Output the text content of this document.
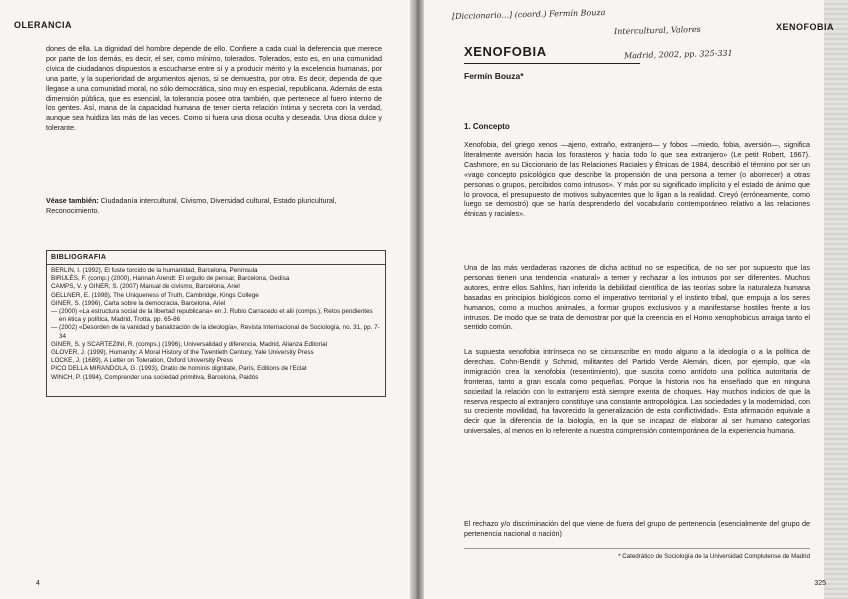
OLERANCIA
dones de ella. La dignidad del hombre depende de ello. Confiere a cada cual la deferencia que merece por parte de los demás, es decir, el ser, como mínimo, tolerados. Tolerados, esto es, en una comunidad cívica de ciudadanos dispuestos a escucharse entre sí y a producir mérito y la excelencia humanas, por una parte, y la superioridad de argumentos ajenos, si se demuestra, por otra. Es decir, dependa de que llegase a una comunidad moral, no sólo democrática, sino muy en especial, republicana. Además de esta dimensión pública, que es esencial, la tolerancia posee otra también, que pertenece al fuero interno de los gentes. Así, mana de la capacidad humana de tener cierta relación íntima y secreta con la verdad, aunque sea huidiza las más de las veces. Como si fuera una diosa oculta y deseada. Una diosa dulce y tolerante.
Véase también: Ciudadanía intercultural, Civismo, Diversidad cultural, Estado pluricultural, Reconocimiento.
BIBLIOGRAFIA
BERLIN, I. (1992), El fuste torcido de la humanidad, Barcelona, Península
BIRULÉS, F. (comp.) (2000), Hannah Arendt: El orgullo de pensar, Barcelona, Gedisa
CAMPS, V. y GINER, S. (2007) Manual de civismo, Barcelona, Ariel
GELLNER, E. (1998), The Uniqueness of Truth, Cambridge, Kings College
GINER, S. (1996), Carta sobre la democracia, Barcelona, Ariel
— (2000) «La estructura social de la libertad republicana» en J. Rubio Carracedo et alii (comps.), Retos pendientes en ética y política, Madrid, Trotta, pp. 65-86
— (2002) «Desorden de la vanidad y banalización de la ideología», Revista Internacional de Sociología, no. 31, pp. 7-34
GINER, S. y SCARTEZINI, R. (comps.) (1996), Universalidad y diferencia, Madrid, Alianza Editorial
GLOVER, J. (1999), Humanity: A Moral History of the Twentieth Century, Yale University Press
LOCKE, J. (1689), A Letter on Toleration, Oxford University Press
PICO DELLA MIRANDOLA, G. (1993), Oratio de hominis dignitate, París, Editions de l'Eclat
WINCH, P. (1994), Comprender una sociedad primitiva, Barcelona, Paidós
4
[Diccionario...] (coord.) Fermín Bouza
Intercultural, Valores
Madrid, 2002, pp. 325-331
XENOFOBIA
XENOFOBIA
Fermín Bouza*
1. Concepto
Xenofobia, del griego xenos —ajeno, extraño, extranjero— y fobos —miedo, fobia, aversión—, significa literalmente aversión hacia los forasteros y hacia todo lo que sea extranjero» (Le petit Robert, 1967). Cashmore, en su Diccionario de las Relaciones Raciales y Étnicas de 1984, describió el término por ser un «vago concepto psicológico que describe la propensión de una persona a temer (o aborrecer) a otras personas o grupos, percibidos como intrusos». Y más por su significado implícito y el estado de ánimo que lo provoca, el presupuesto de motivos subyacentes que lo ligan a la realidad. Creyó (erróneamente, como luego se demostró) que se haría desprenderlo del vocabulario contemporáneo relativo a las relaciones étnicas y raciales».
Una de las más verdaderas razones de dicha actitud no se especifica, de no ser por supuesto que las personas tienen una tendencia «natural» a temer y rechazar a los intrusos por ser diferentes. Muchos autores, entre ellos Sahlins, han inferido la debilidad científica de las teorías sobre la naturaleza humana basadas en principios biológicos como el imperativo territorial y el instinto tribal, que empuja a los seres humanos, como a muchos animales, a formar grupos exclusivos y a manifestarse hostiles frente a los intrusos. De modo que se trata de demostrar por qué la creencia en el Homo xenophobicus arraiga tanto el sentido común.
La supuesta xenofobia intrínseca no se circunscribe en modo alguno a la ideología o a la política de derechas. Cohn-Bendit y Schmid, militantes del Partido Verde Alemán, dicen, por ejemplo, que «la inmigración crea la xenofobia (resentimiento), que suscita como antídoto una política autoritaria de fronteras, tanto a gran escala como pequeñas. Porque la historia nos ha enseñado que en ninguna sociedad la relación con lo extranjero está siempre exenta de choques. Hay muchos indicios de que la reserva respecto al extranjero constituye una constante antropológica. Las sociedades y la modernidad, con su creciente movilidad, ha favorecido la generalización de esta conflictividad». Esta afirmación equivale a decir que la diferencia de la biología, en la que se incapaz de elaborar al ser humano categorías universales, al menos en lo referente a nuestra comprensión contemporánea de la experiencia humana.
El rechazo y/o discriminación del que viene de fuera del grupo de pertenencia (esencialmente del grupo de pertenencia nacional o nación)
* Catedrático de Sociología de la Universidad Complutense de Madrid
325
